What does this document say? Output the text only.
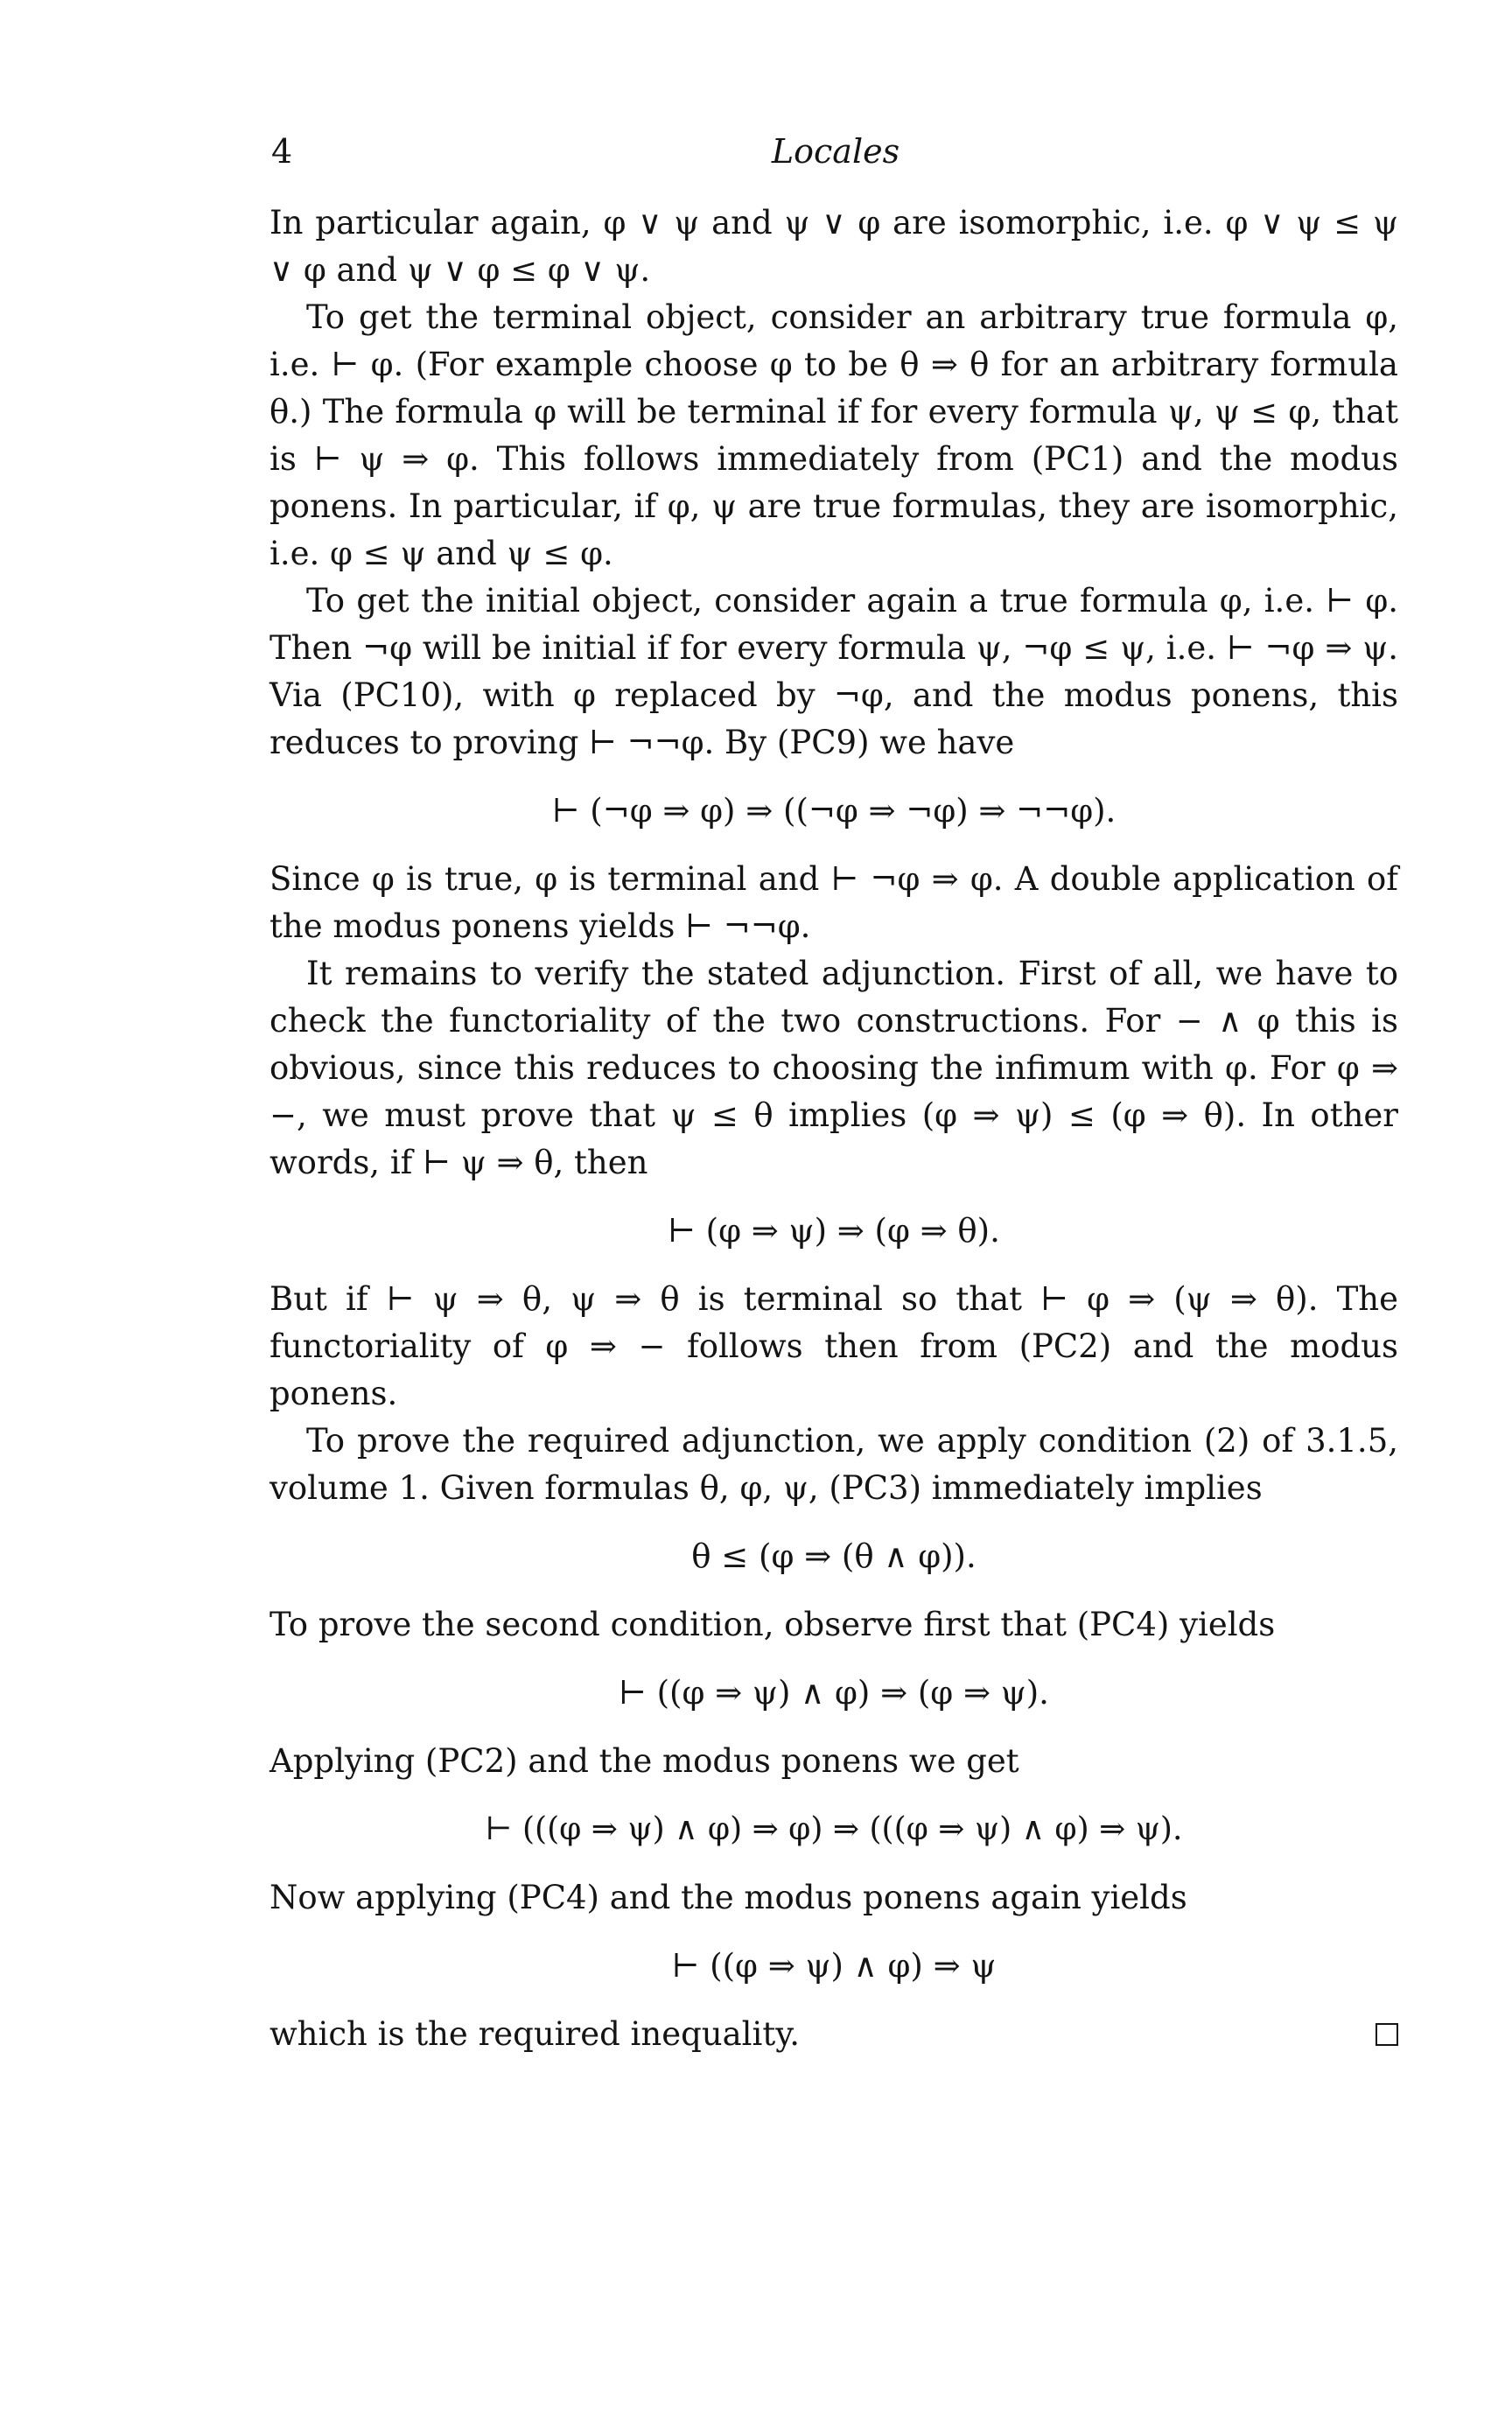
4	Locales

In particular again, φ ∨ ψ and ψ ∨ φ are isomorphic, i.e. φ ∨ ψ ≤ ψ ∨ φ and ψ ∨ φ ≤ φ ∨ ψ.

To get the terminal object, consider an arbitrary true formula φ, i.e. ⊢ φ. (For example choose φ to be θ ⇒ θ for an arbitrary formula θ.) The formula φ will be terminal if for every formula ψ, ψ ≤ φ, that is ⊢ ψ ⇒ φ. This follows immediately from (PC1) and the modus ponens. In particular, if φ, ψ are true formulas, they are isomorphic, i.e. φ ≤ ψ and ψ ≤ φ.

To get the initial object, consider again a true formula φ, i.e. ⊢ φ. Then ¬φ will be initial if for every formula ψ, ¬φ ≤ ψ, i.e. ⊢ ¬φ ⇒ ψ. Via (PC10), with φ replaced by ¬φ, and the modus ponens, this reduces to proving ⊢ ¬¬φ. By (PC9) we have

⊢ (¬φ ⇒ φ) ⇒ ((¬φ ⇒ ¬φ) ⇒ ¬¬φ).

Since φ is true, φ is terminal and ⊢ ¬φ ⇒ φ. A double application of the modus ponens yields ⊢ ¬¬φ.

It remains to verify the stated adjunction. First of all, we have to check the functoriality of the two constructions. For − ∧ φ this is obvious, since this reduces to choosing the infimum with φ. For φ ⇒ −, we must prove that ψ ≤ θ implies (φ ⇒ ψ) ≤ (φ ⇒ θ). In other words, if ⊢ ψ ⇒ θ, then

⊢ (φ ⇒ ψ) ⇒ (φ ⇒ θ).

But if ⊢ ψ ⇒ θ, ψ ⇒ θ is terminal so that ⊢ φ ⇒ (ψ ⇒ θ). The functoriality of φ ⇒ − follows then from (PC2) and the modus ponens.

To prove the required adjunction, we apply condition (2) of 3.1.5, volume 1. Given formulas θ, φ, ψ, (PC3) immediately implies

θ ≤ (φ ⇒ (θ ∧ φ)).

To prove the second condition, observe first that (PC4) yields

⊢ ((φ ⇒ ψ) ∧ φ) ⇒ (φ ⇒ ψ).

Applying (PC2) and the modus ponens we get

⊢ (((φ ⇒ ψ) ∧ φ) ⇒ φ) ⇒ (((φ ⇒ ψ) ∧ φ) ⇒ ψ).

Now applying (PC4) and the modus ponens again yields

⊢ ((φ ⇒ ψ) ∧ φ) ⇒ ψ

which is the required inequality.
